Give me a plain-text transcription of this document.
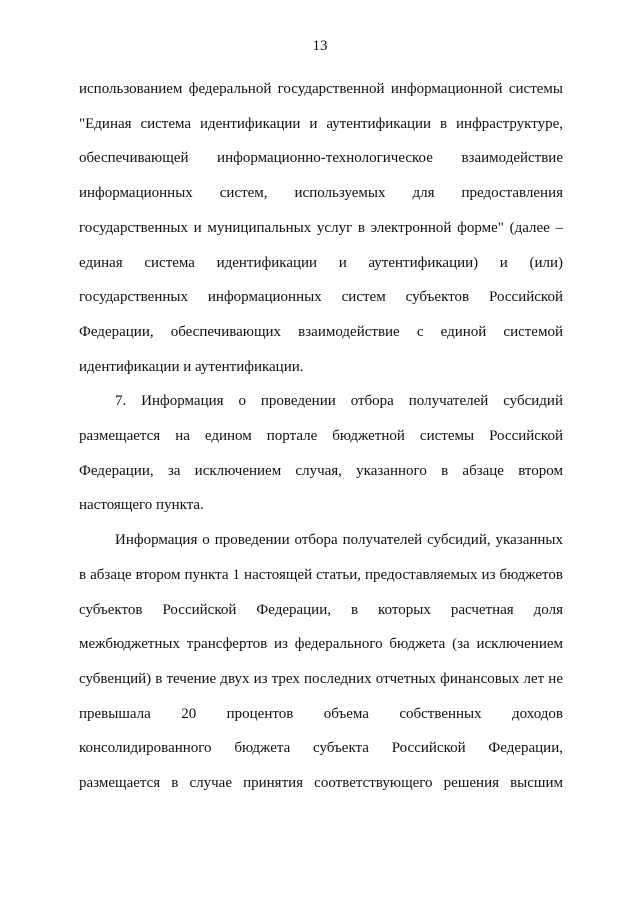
13
использованием федеральной государственной информационной системы
"Единая система идентификации и аутентификации в инфраструктуре,
обеспечивающей информационно-технологическое взаимодействие
информационных систем, используемых для предоставления
государственных и муниципальных услуг в электронной форме" (далее –
единая система идентификации и аутентификации) и (или)
государственных информационных систем субъектов Российской
Федерации, обеспечивающих взаимодействие с единой системой
идентификации и аутентификации.
7. Информация о проведении отбора получателей субсидий
размещается на едином портале бюджетной системы Российской
Федерации, за исключением случая, указанного в абзаце втором
настоящего пункта.
Информация о проведении отбора получателей субсидий, указанных
в абзаце втором пункта 1 настоящей статьи, предоставляемых из бюджетов
субъектов Российской Федерации, в которых расчетная доля
межбюджетных трансфертов из федерального бюджета (за исключением
субвенций) в течение двух из трех последних отчетных финансовых лет не
превышала 20 процентов объема собственных доходов
консолидированного бюджета субъекта Российской Федерации,
размещается в случае принятия соответствующего решения высшим
